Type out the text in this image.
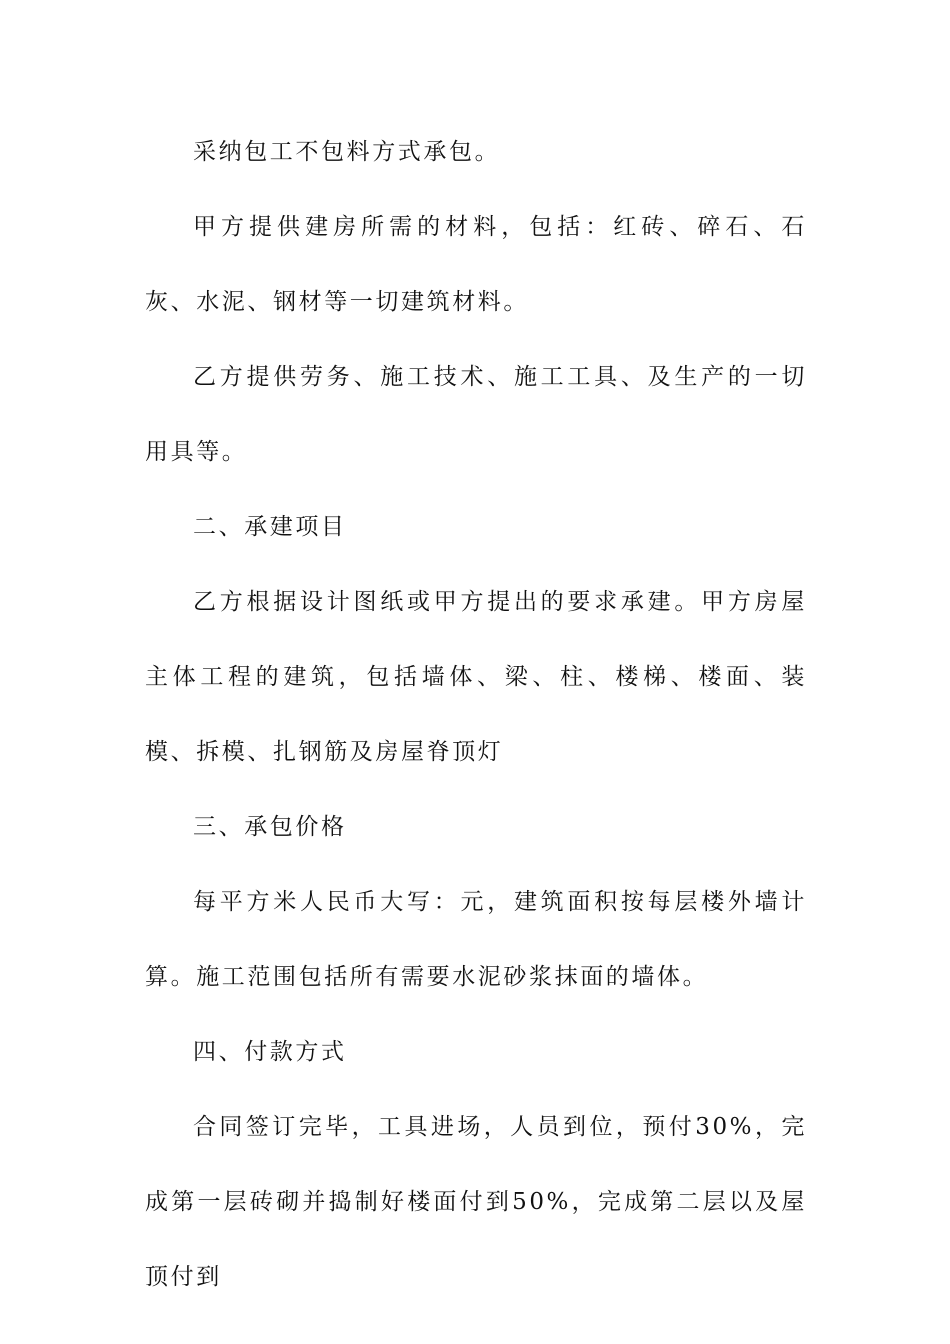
采纳包工不包料方式承包。

甲方提供建房所需的材料，包括：红砖、碎石、石灰、水泥、钢材等一切建筑材料。

乙方提供劳务、施工技术、施工工具、及生产的一切用具等。

二、承建项目

乙方根据设计图纸或甲方提出的要求承建。甲方房屋主体工程的建筑，包括墙体、梁、柱、楼梯、楼面、装模、拆模、扎钢筋及房屋脊顶灯

三、承包价格

每平方米人民币大写：元，建筑面积按每层楼外墙计算。施工范围包括所有需要水泥砂浆抹面的墙体。

四、付款方式

合同签订完毕，工具进场，人员到位，预付30%，完成第一层砖砌并捣制好楼面付到50%，完成第二层以及屋顶付到
